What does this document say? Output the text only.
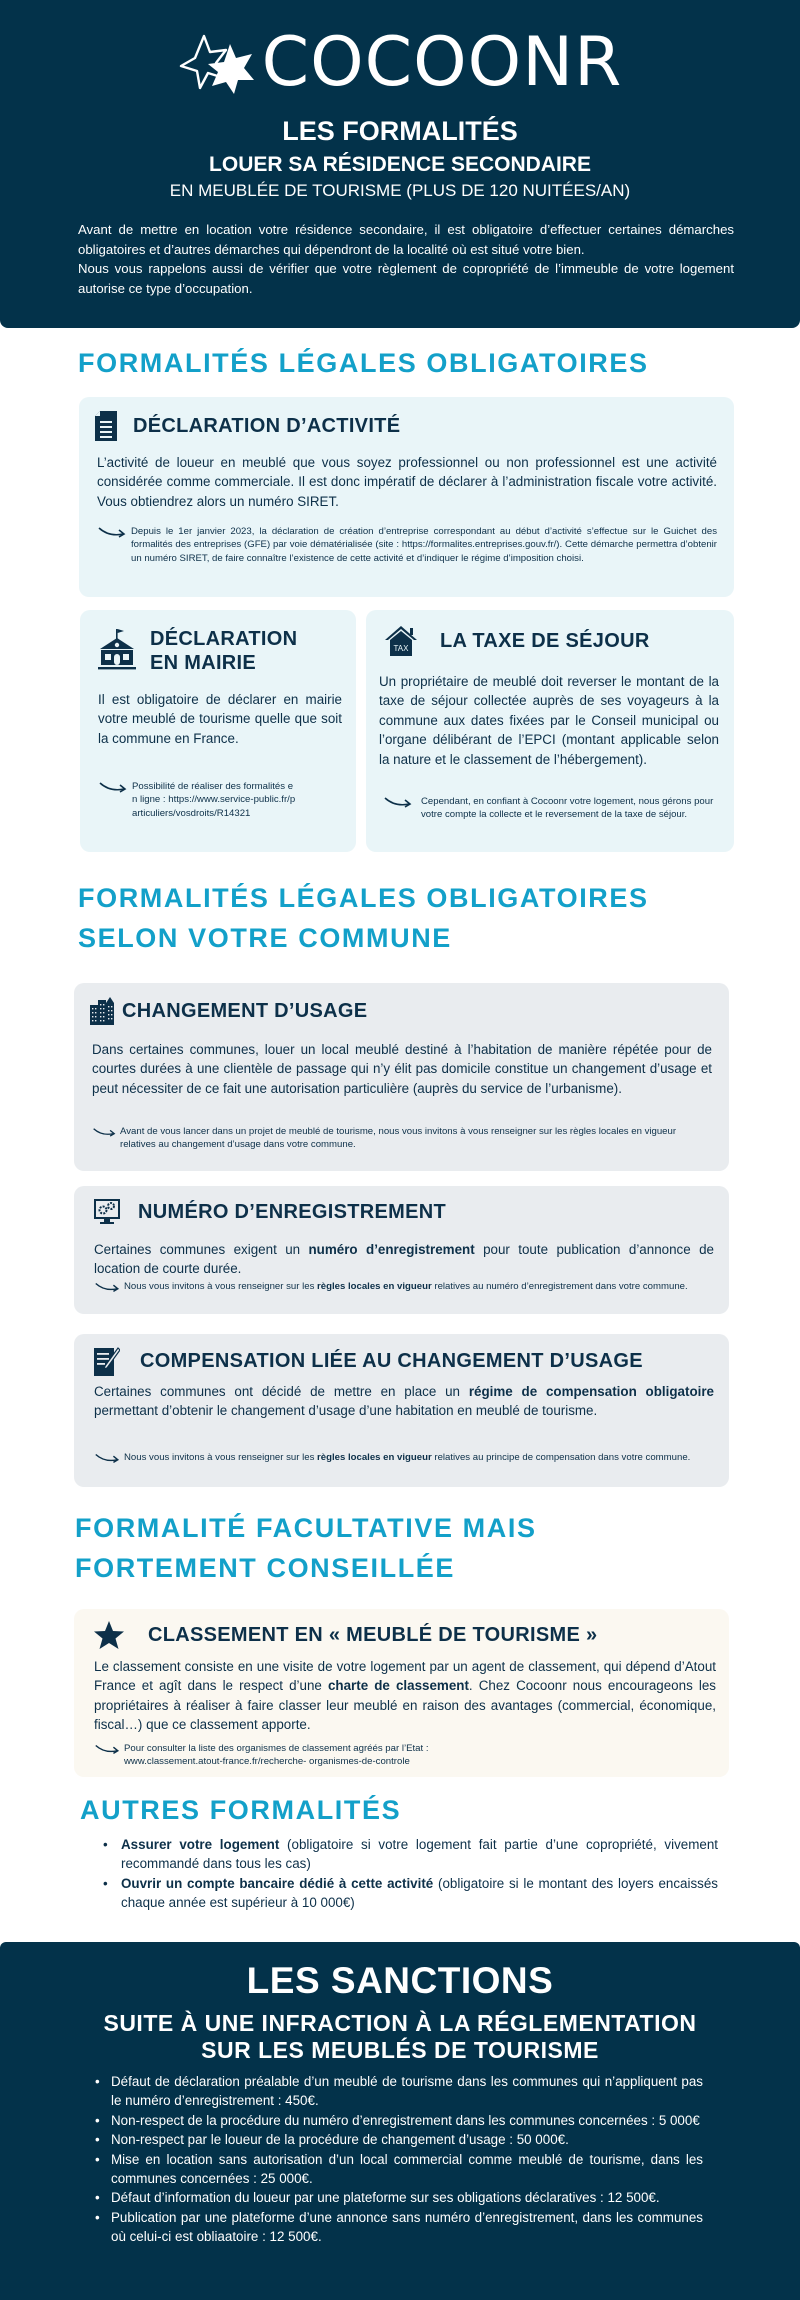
COCOONR
LES FORMALITÉS
LOUER SA RÉSIDENCE SECONDAIRE
EN MEUBLÉE DE TOURISME (PLUS DE 120 NUITÉES/AN)

Avant de mettre en location votre résidence secondaire, il est obligatoire d’effectuer certaines démarches obligatoires et d’autres démarches qui dépendront de la localité où est situé votre bien.

Nous vous rappelons aussi de vérifier que votre règlement de copropriété de l’immeuble de votre logement autorise ce type d’occupation.

FORMALITÉS LÉGALES OBLIGATOIRES
DÉCLARATION D’ACTIVITÉ
L’activité de loueur en meublé que vous soyez professionnel ou non professionnel est une activité considérée comme commerciale. Il est donc impératif de déclarer à l’administration fiscale votre activité. Vous obtiendrez alors un numéro SIRET.
Depuis le 1er janvier 2023, la déclaration de création d’entreprise correspondant au début d’activité s’effectue sur le Guichet des formalités des entreprises (GFE) par voie dématérialisée (site : https://formalites.entreprises.gouv.fr/). Cette démarche permettra d’obtenir un numéro SIRET, de faire connaître l’existence de cette activité et d’indiquer le régime d’imposition choisi.
DÉCLARATION
EN MAIRIE
Il est obligatoire de déclarer en mairie votre meublé de tourisme quelle que soit la commune en France.
Possibilité de réaliser des formalités en ligne : https://www.service-public.fr/particuliers/vosdroits/R14321
TAX LA TAXE DE SÉJOUR
Un propriétaire de meublé doit reverser le montant de la taxe de séjour collectée auprès de ses voyageurs à la commune aux dates fixées par le Conseil municipal ou l’organe délibérant de l’EPCI (montant applicable selon la nature et le classement de l’hébergement).
Cependant, en confiant à Cocoonr votre logement, nous gérons pour votre compte la collecte et le reversement de la taxe de séjour.
FORMALITÉS LÉGALES OBLIGATOIRES
SELON VOTRE COMMUNE
CHANGEMENT D’USAGE
Dans certaines communes, louer un local meublé destiné à l’habitation de manière répétée pour de courtes durées à une clientèle de passage qui n’y élit pas domicile constitue un changement d’usage et peut nécessiter de ce fait une autorisation particulière (auprès du service de l’urbanisme).
Avant de vous lancer dans un projet de meublé de tourisme, nous vous invitons à vous renseigner sur les règles locales en vigueur relatives au changement d’usage dans votre commune.
NUMÉRO D’ENREGISTREMENT
Certaines communes exigent un numéro d’enregistrement pour toute publication d’annonce de location de courte durée.
Nous vous invitons à vous renseigner sur les règles locales en vigueur relatives au numéro d’enregistrement dans votre commune.
COMPENSATION LIÉE AU CHANGEMENT D’USAGE
Certaines communes ont décidé de mettre en place un régime de compensation obligatoire permettant d’obtenir le changement d’usage d’une habitation en meublé de tourisme.
Nous vous invitons à vous renseigner sur les règles locales en vigueur relatives au principe de compensation dans votre commune.
FORMALITÉ FACULTATIVE MAIS
FORTEMENT CONSEILLÉE
CLASSEMENT EN « MEUBLÉ DE TOURISME »
Le classement consiste en une visite de votre logement par un agent de classement, qui dépend d’Atout France et agît dans le respect d’une charte de classement. Chez Cocoonr nous encourageons les propriétaires à réaliser à faire classer leur meublé en raison des avantages (commercial, économique, fiscal…) que ce classement apporte.
Pour consulter la liste des organismes de classement agréés par l’Etat :
www.classement.atout-france.fr/recherche- organismes-de-controle
AUTRES FORMALITÉS
• Assurer votre logement (obligatoire si votre logement fait partie d’une copropriété, vivement recommandé dans tous les cas)
• Ouvrir un compte bancaire dédié à cette activité (obligatoire si le montant des loyers encaissés chaque année est supérieur à 10 000€)
LES SANCTIONS
SUITE À UNE INFRACTION À LA RÉGLEMENTATION
SUR LES MEUBLÉS DE TOURISME
• Défaut de déclaration préalable d’un meublé de tourisme dans les communes qui n’appliquent pas le numéro d’enregistrement : 450€.
• Non-respect de la procédure du numéro d’enregistrement dans les communes concernées : 5 000€
• Non-respect par le loueur de la procédure de changement d’usage : 50 000€.
• Mise en location sans autorisation d’un local commercial comme meublé de tourisme, dans les communes concernées : 25 000€.
• Défaut d’information du loueur par une plateforme sur ses obligations déclaratives : 12 500€.
• Publication par une plateforme d’une annonce sans numéro d’enregistrement, dans les communes où celui-ci est obliaatoire : 12 500€.
